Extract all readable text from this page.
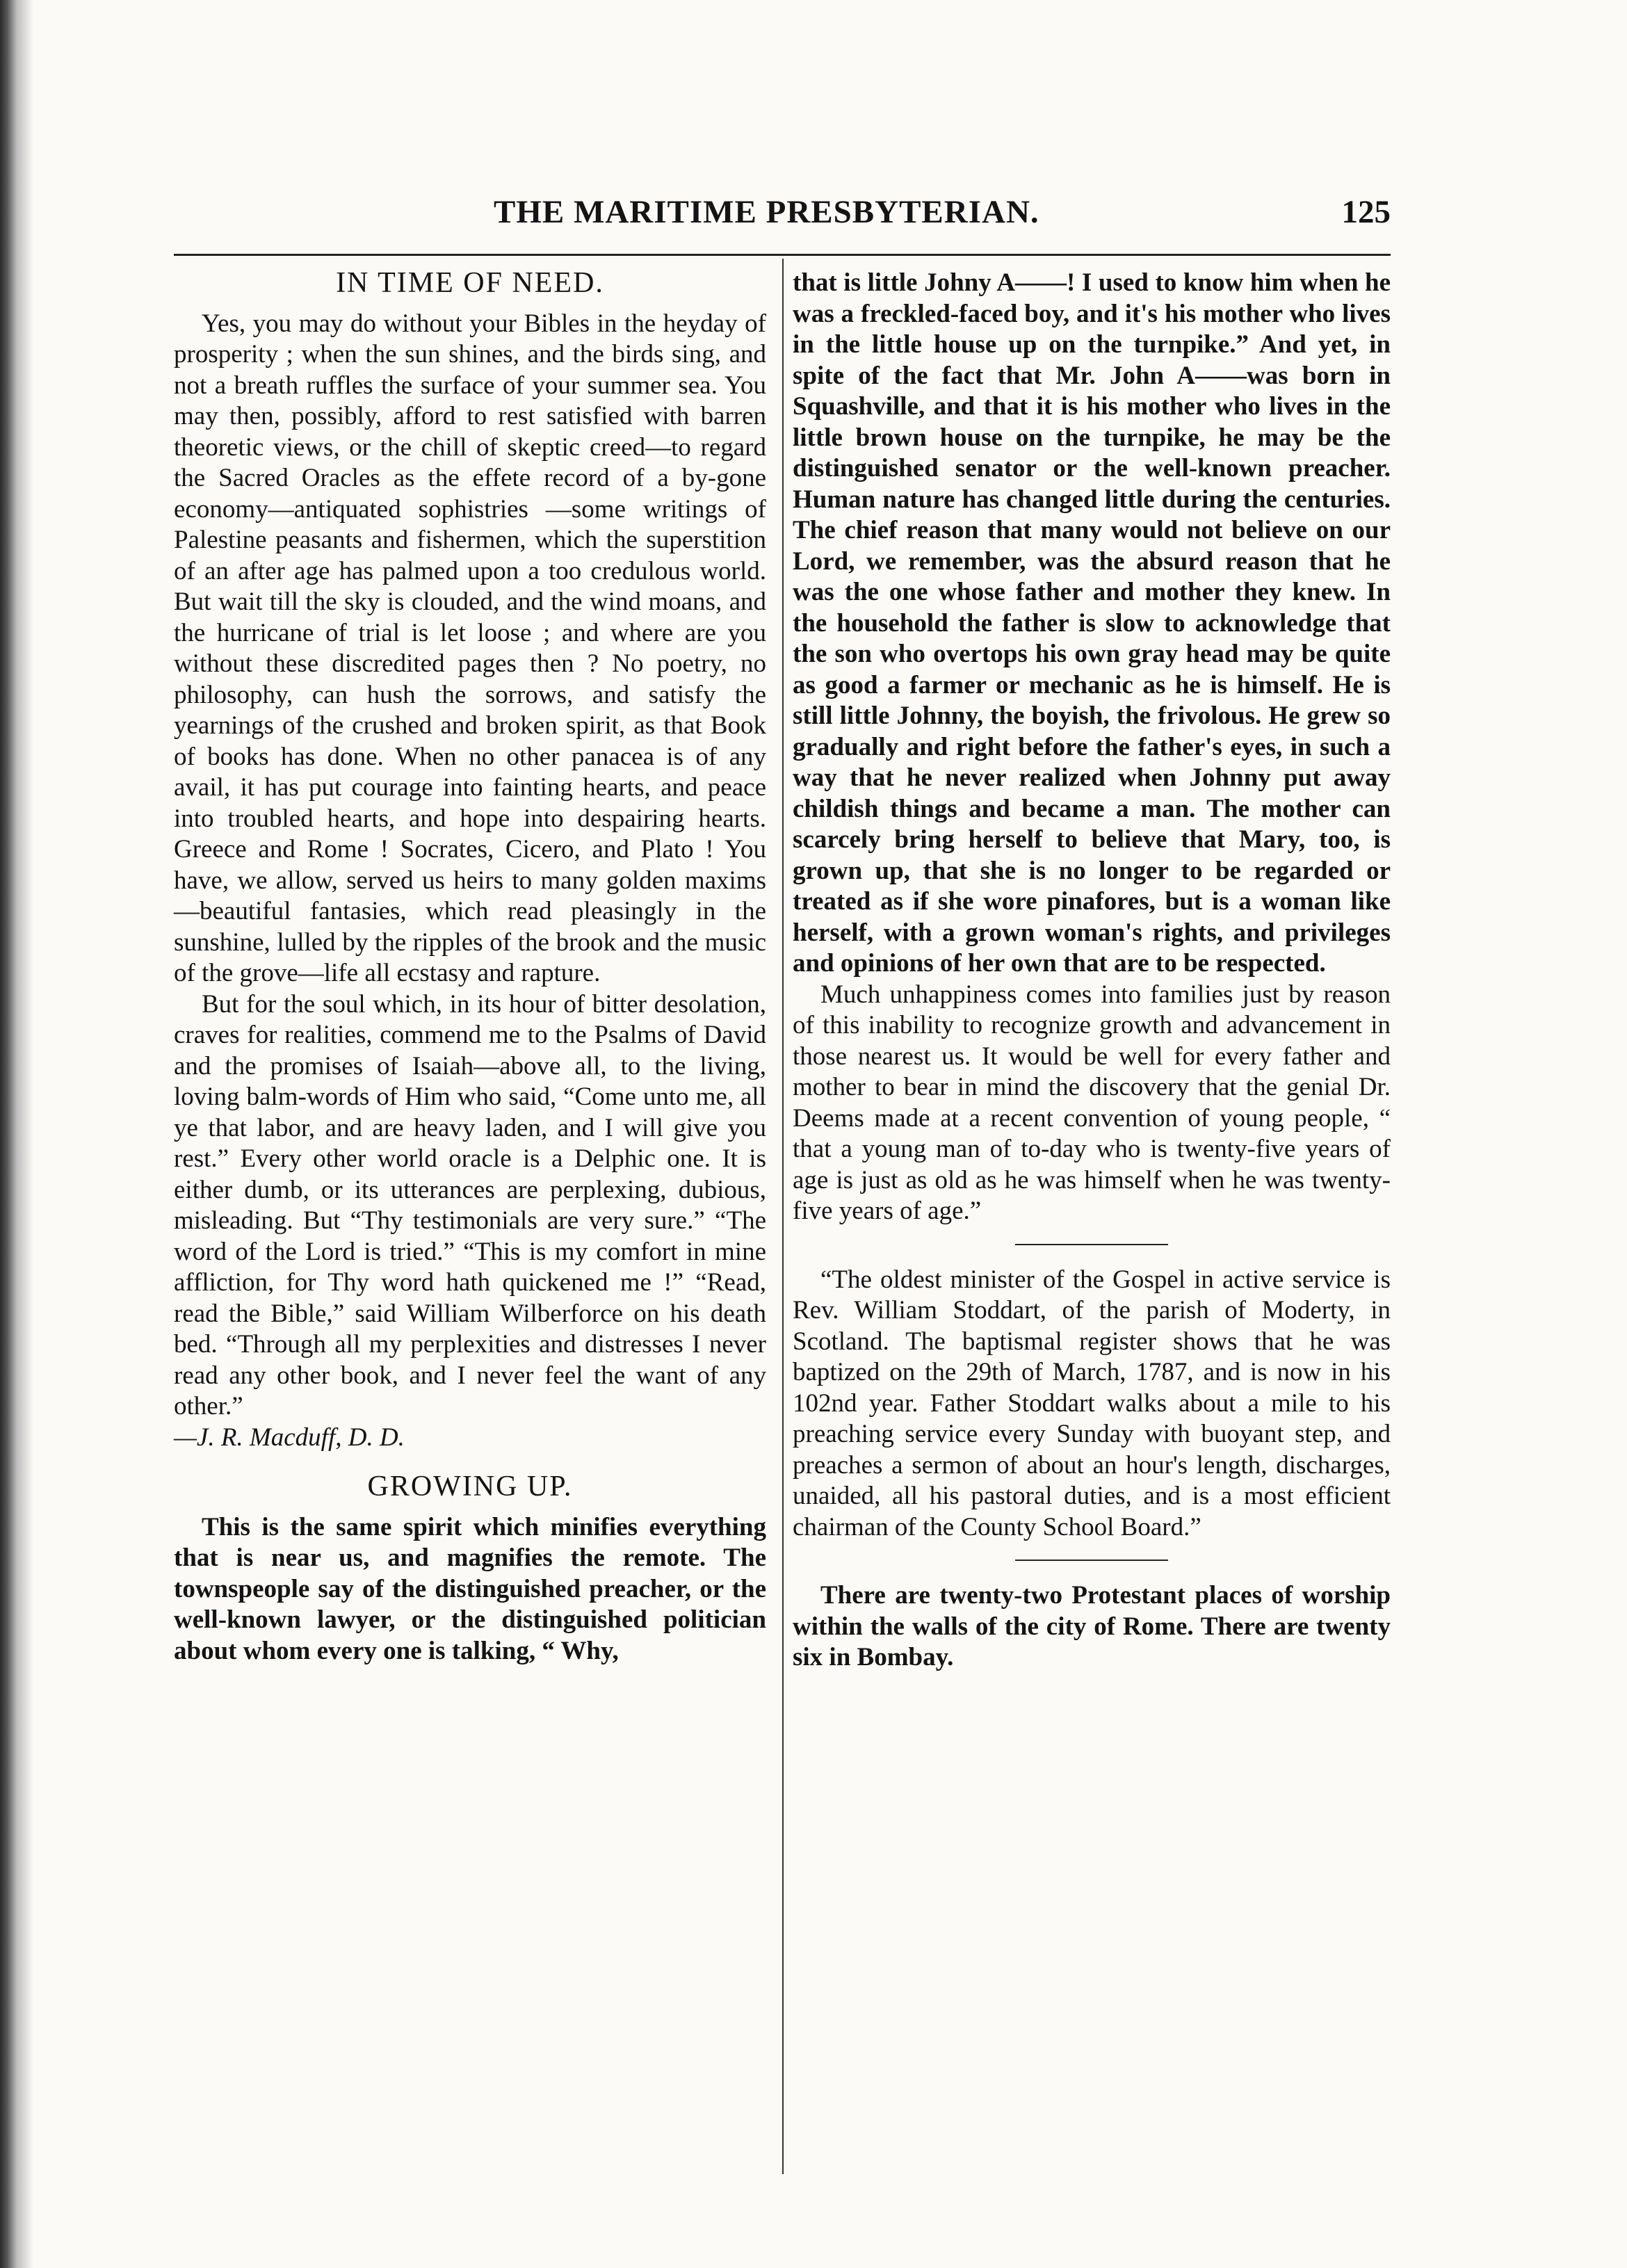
THE MARITIME PRESBYTERIAN.	125
IN TIME OF NEED.

Yes, you may do without your Bibles in the heyday of prosperity ; when the sun shines, and the birds sing, and not a breath ruffles the surface of your summer sea. You may then, possibly, afford to rest satisfied with barren theoretic views, or the chill of skeptic creed—to regard the Sacred Oracles as the effete record of a by-gone economy—antiquated sophistries —some writings of Palestine peasants and fishermen, which the superstition of an after age has palmed upon a too credulous world. But wait till the sky is clouded, and the wind moans, and the hurricane of trial is let loose ; and where are you without these discredited pages then ? No poetry, no philosophy, can hush the sorrows, and satisfy the yearnings of the crushed and broken spirit, as that Book of books has done. When no other panacea is of any avail, it has put courage into fainting hearts, and peace into troubled hearts, and hope into despairing hearts. Greece and Rome ! Socrates, Cicero, and Plato ! You have, we allow, served us heirs to many golden maxims—beautiful fantasies, which read pleasingly in the sunshine, lulled by the ripples of the brook and the music of the grove—life all ecstasy and rapture.

But for the soul which, in its hour of bitter desolation, craves for realities, commend me to the Psalms of David and the promises of Isaiah—above all, to the living, loving balm-words of Him who said, “Come unto me, all ye that labor, and are heavy laden, and I will give you rest.” Every other world oracle is a Delphic one. It is either dumb, or its utterances are perplexing, dubious, misleading. But “Thy testimonials are very sure.” “The word of the Lord is tried.” “This is my comfort in mine affliction, for Thy word hath quickened me !” “Read, read the Bible,” said William Wilberforce on his death bed. “Through all my perplexities and distresses I never read any other book, and I never feel the want of any other.”

—J. R. Macduff, D. D.

GROWING UP.

This is the same spirit which minifies everything that is near us, and magnifies the remote. The townspeople say of the distinguished preacher, or the well-known lawyer, or the distinguished politician about whom every one is talking, “ Why,

that is little Johny A——! I used to know him when he was a freckled-faced boy, and it's his mother who lives in the little house up on the turnpike.” And yet, in spite of the fact that Mr. John A——was born in Squashville, and that it is his mother who lives in the little brown house on the turnpike, he may be the distinguished senator or the well-known preacher. Human nature has changed little during the centuries. The chief reason that many would not believe on our Lord, we remember, was the absurd reason that he was the one whose father and mother they knew. In the household the father is slow to acknowledge that the son who overtops his own gray head may be quite as good a farmer or mechanic as he is himself. He is still little Johnny, the boyish, the frivolous. He grew so gradually and right before the father's eyes, in such a way that he never realized when Johnny put away childish things and became a man. The mother can scarcely bring herself to believe that Mary, too, is grown up, that she is no longer to be regarded or treated as if she wore pinafores, but is a woman like herself, with a grown woman's rights, and privileges and opinions of her own that are to be respected.

Much unhappiness comes into families just by reason of this inability to recognize growth and advancement in those nearest us. It would be well for every father and mother to bear in mind the discovery that the genial Dr. Deems made at a recent convention of young people, “ that a young man of to-day who is twenty-five years of age is just as old as he was himself when he was twenty-five years of age.”

“The oldest minister of the Gospel in active service is Rev. William Stoddart, of the parish of Moderty, in Scotland. The baptismal register shows that he was baptized on the 29th of March, 1787, and is now in his 102nd year. Father Stoddart walks about a mile to his preaching service every Sunday with buoyant step, and preaches a sermon of about an hour's length, discharges, unaided, all his pastoral duties, and is a most efficient chairman of the County School Board.”

There are twenty-two Protestant places of worship within the walls of the city of Rome. There are twenty six in Bombay.
